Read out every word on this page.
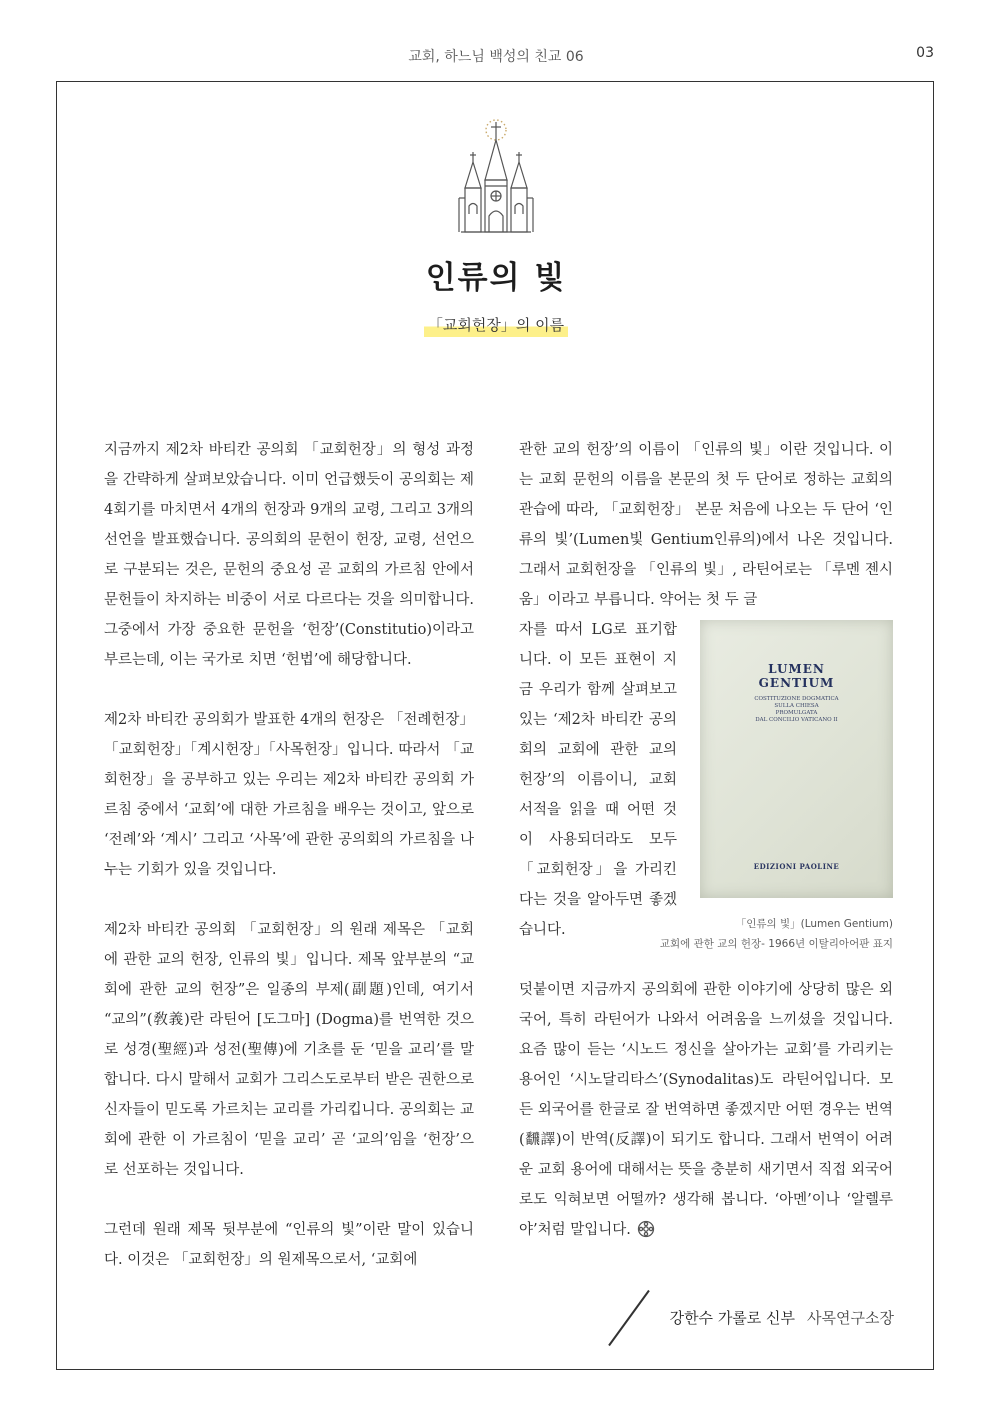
교회, 하느님 백성의 친교 06	03
인류의 빛
「교회헌장」의 이름

지금까지 제2차 바티칸 공의회 「교회헌장」의 형성 과정을 간략하게 살펴보았습니다. 이미 언급했듯이 공의회는 제4회기를 마치면서 4개의 헌장과 9개의 교령, 그리고 3개의 선언을 발표했습니다. 공의회의 문헌이 헌장, 교령, 선언으로 구분되는 것은, 문헌의 중요성 곧 교회의 가르침 안에서 문헌들이 차지하는 비중이 서로 다르다는 것을 의미합니다. 그중에서 가장 중요한 문헌을 ‘헌장’(Constitutio)이라고 부르는데, 이는 국가로 치면 ‘헌법’에 해당합니다.

제2차 바티칸 공의회가 발표한 4개의 헌장은 「전례헌장」「교회헌장」「계시헌장」「사목헌장」입니다. 따라서 「교회헌장」을 공부하고 있는 우리는 제2차 바티칸 공의회 가르침 중에서 ‘교회’에 대한 가르침을 배우는 것이고, 앞으로 ‘전례’와 ‘계시’ 그리고 ‘사목’에 관한 공의회의 가르침을 나누는 기회가 있을 것입니다.

제2차 바티칸 공의회 「교회헌장」의 원래 제목은 「교회에 관한 교의 헌장, 인류의 빛」입니다. 제목 앞부분의 “교회에 관한 교의 헌장”은 일종의 부제(副題)인데, 여기서 “교의”(敎義)란 라틴어 [도그마] (Dogma)를 번역한 것으로 성경(聖經)과 성전(聖傳)에 기초를 둔 ‘믿을 교리’를 말합니다. 다시 말해서 교회가 그리스도로부터 받은 권한으로 신자들이 믿도록 가르치는 교리를 가리킵니다. 공의회는 교회에 관한 이 가르침이 ‘믿을 교리’ 곧 ‘교의’임을 ‘헌장’으로 선포하는 것입니다.

그런데 원래 제목 뒷부분에 “인류의 빛”이란 말이 있습니다. 이것은 「교회헌장」의 원제목으로서, ‘교회에

관한 교의 헌장’의 이름이 「인류의 빛」이란 것입니다. 이는 교회 문헌의 이름을 본문의 첫 두 단어로 정하는 교회의 관습에 따라, 「교회헌장」 본문 처음에 나오는 두 단어 ‘인류의 빛’(Lumen빛 Gentium인류의)에서 나온 것입니다. 그래서 교회헌장을 「인류의 빛」, 라틴어로는 「루멘 젠시움」이라고 부릅니다. 약어는 첫 두 글

자를 따서 LG로 표기합니다. 이 모든 표현이 지금 우리가 함께 살펴보고 있는 ‘제2차 바티칸 공의회의 교회에 관한 교의 헌장’의 이름이니, 교회 서적을 읽을 때 어떤 것이 사용되더라도 모두 「교회헌장」을 가리킨다는 것을 알아두면 좋겠습니다.

덧붙이면 지금까지 공의회에 관한 이야기에 상당히 많은 외국어, 특히 라틴어가 나와서 어려움을 느끼셨을 것입니다. 요즘 많이 듣는 ‘시노드 정신을 살아가는 교회’를 가리키는 용어인 ‘시노달리타스’(Synodalitas)도 라틴어입니다. 모든 외국어를 한글로 잘 번역하면 좋겠지만 어떤 경우는 번역(飜譯)이 반역(反譯)이 되기도 합니다. 그래서 번역이 어려운 교회 용어에 대해서는 뜻을 충분히 새기면서 직접 외국어로도 익혀보면 어떨까? 생각해 봅니다. ‘아멘’이나 ‘알렐루야’처럼 말입니다.

LUMEN
GENTIUM
COSTITUZIONE DOGMATICA
SULLA CHIESA
PROMULGATA
DAL CONCILIO VATICANO II
EDIZIONI PAOLINE
「인류의 빛」(Lumen Gentium)
교회에 관한 교의 헌장- 1966년 이탈리아어판 표지
강한수 가롤로 신부 사목연구소장
